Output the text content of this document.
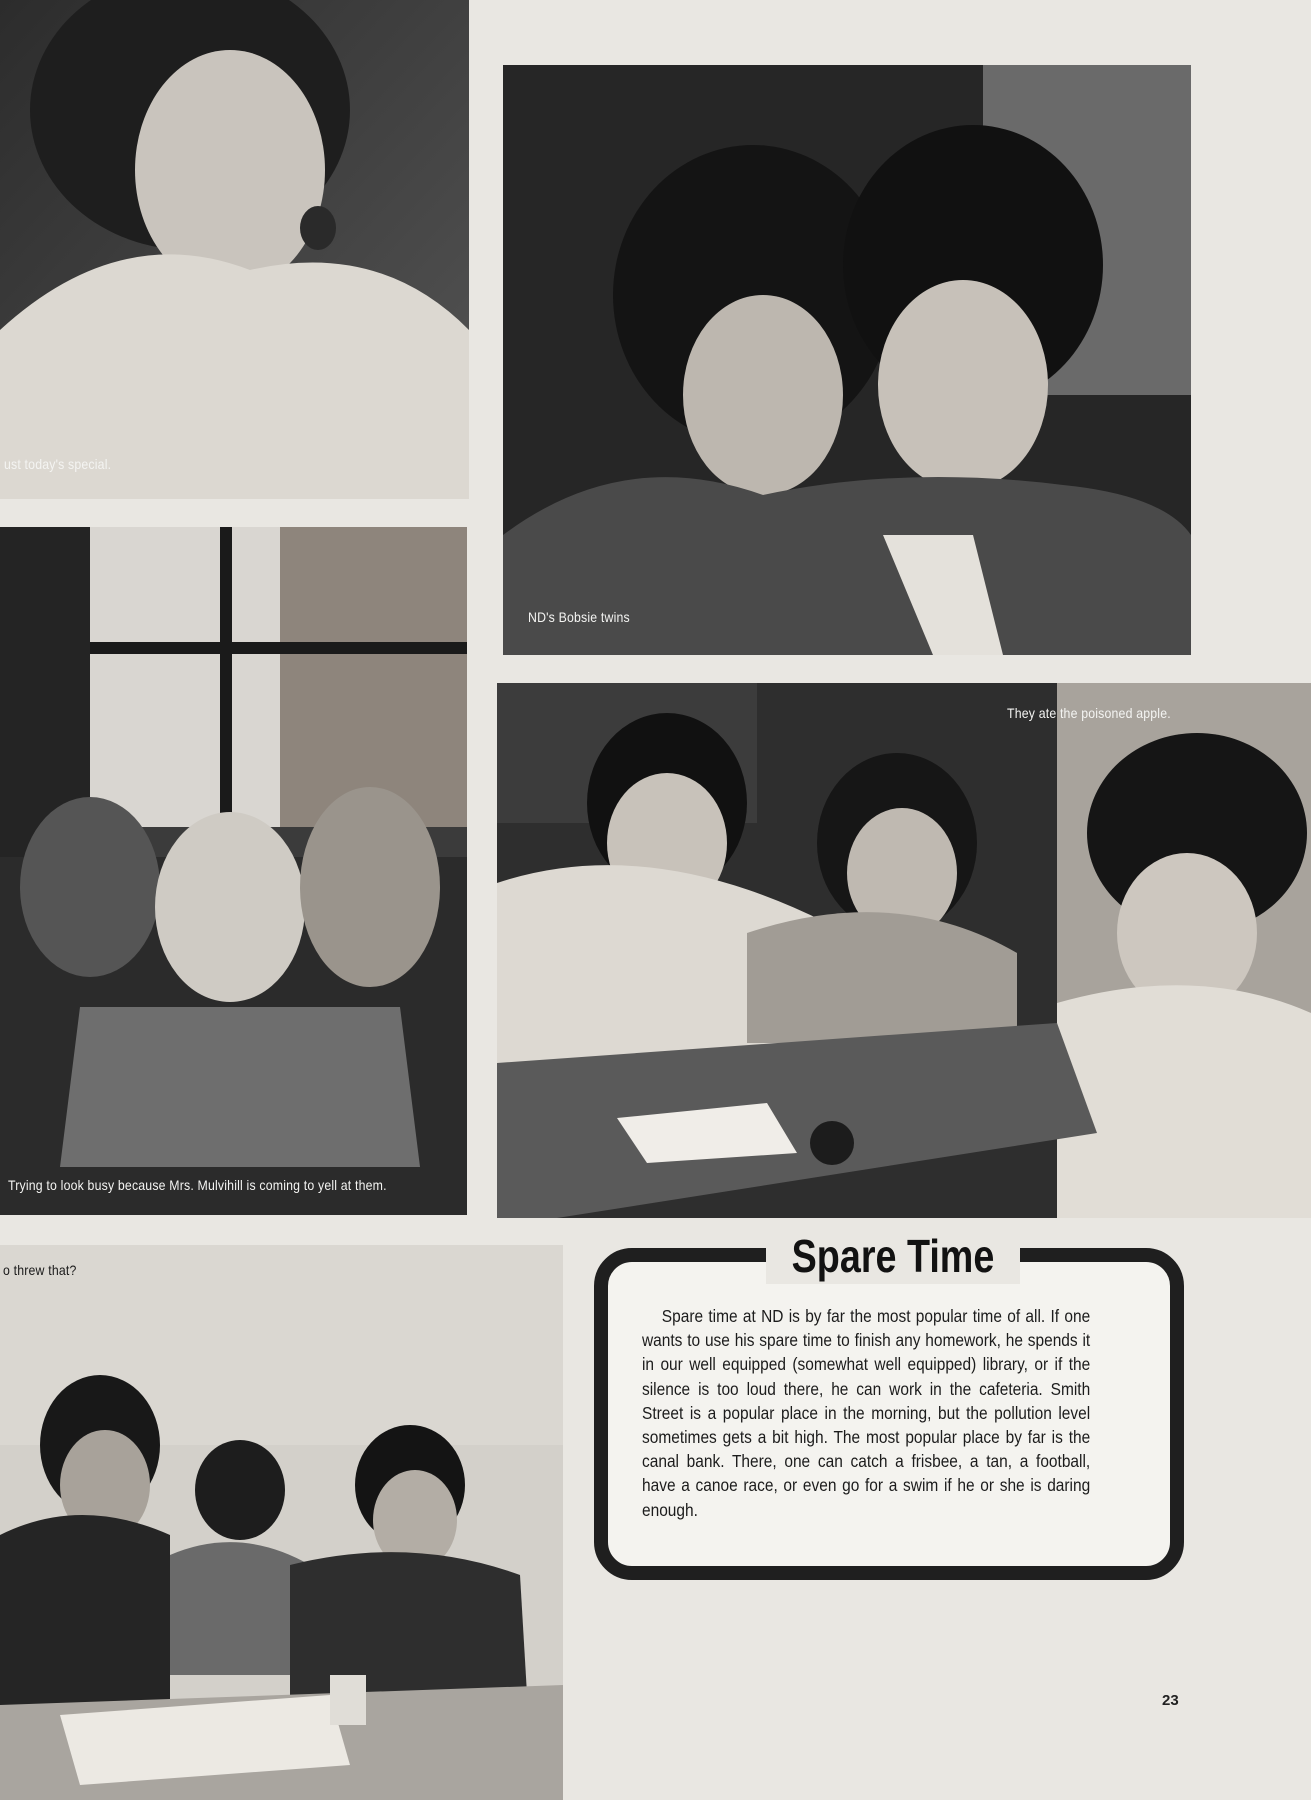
ust today's special.
ND's Bobsie twins
Trying to look busy because Mrs. Mulvihill is coming to yell at them.
They ate the poisoned apple.
o threw that?	Spare Time
Spare time at ND is by far the most popular time of all. If one wants to use his spare time to finish any homework, he spends it in our well equipped (somewhat well equipped) library, or if the silence is too loud there, he can work in the cafeteria. Smith Street is a popular place in the morning, but the pollution level sometimes gets a bit high. The most popular place by far is the canal bank. There, one can catch a frisbee, a tan, a football, have a canoe race, or even go for a swim if he or she is daring enough.
23
